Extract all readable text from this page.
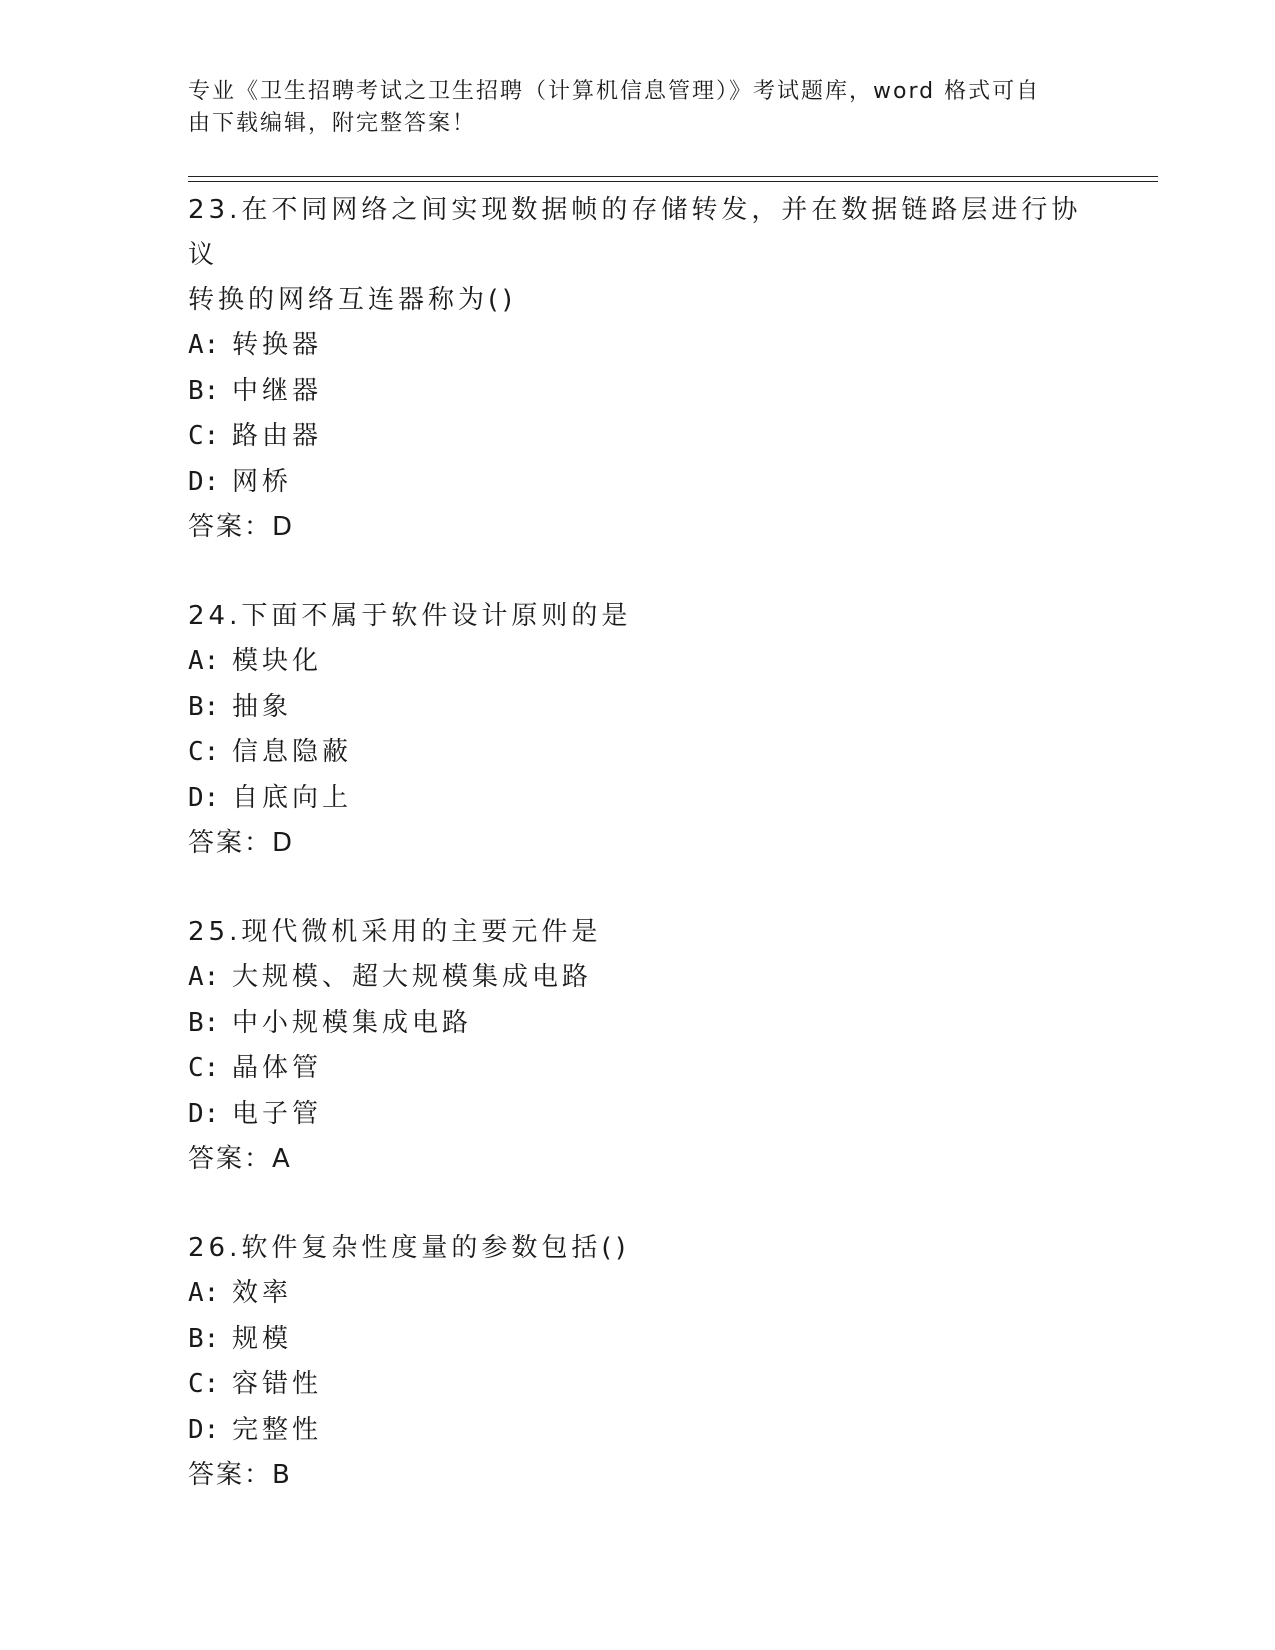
专业《卫生招聘考试之卫生招聘（计算机信息管理）》考试题库，word 格式可自
由下载编辑，附完整答案！
23.在不同网络之间实现数据帧的存储转发，并在数据链路层进行协议
转换的网络互连器称为()
A: 转换器
B: 中继器
C: 路由器
D: 网桥
答案：D
24.下面不属于软件设计原则的是
A: 模块化
B: 抽象
C: 信息隐蔽
D: 自底向上
答案：D
25.现代微机采用的主要元件是
A: 大规模、超大规模集成电路
B: 中小规模集成电路
C: 晶体管
D: 电子管
答案：A
26.软件复杂性度量的参数包括()
A: 效率
B: 规模
C: 容错性
D: 完整性
答案：B
